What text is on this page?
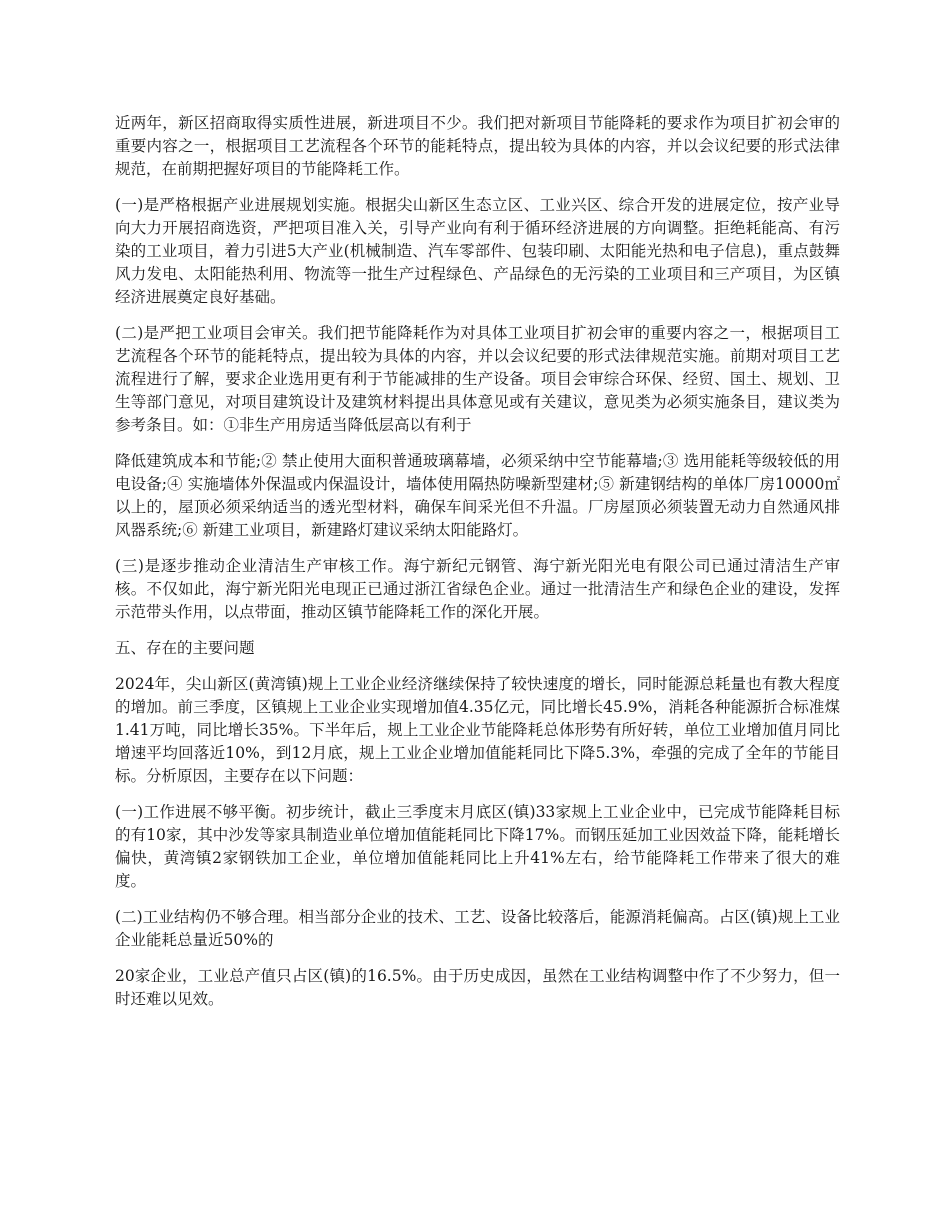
近两年，新区招商取得实质性进展，新进项目不少。我们把对新项目节能降耗的要求作为项目扩初会审的重要内容之一，根据项目工艺流程各个环节的能耗特点，提出较为具体的内容，并以会议纪要的形式法律规范，在前期把握好项目的节能降耗工作。

(一)是严格根据产业进展规划实施。根据尖山新区生态立区、工业兴区、综合开发的进展定位，按产业导向大力开展招商选资，严把项目准入关，引导产业向有利于循环经济进展的方向调整。拒绝耗能高、有污染的工业项目，着力引进5大产业(机械制造、汽车零部件、包装印刷、太阳能光热和电子信息)，重点鼓舞风力发电、太阳能热利用、物流等一批生产过程绿色、产品绿色的无污染的工业项目和三产项目，为区镇经济进展奠定良好基础。

(二)是严把工业项目会审关。我们把节能降耗作为对具体工业项目扩初会审的重要内容之一，根据项目工艺流程各个环节的能耗特点，提出较为具体的内容，并以会议纪要的形式法律规范实施。前期对项目工艺流程进行了解，要求企业选用更有利于节能减排的生产设备。项目会审综合环保、经贸、国土、规划、卫生等部门意见，对项目建筑设计及建筑材料提出具体意见或有关建议，意见类为必须实施条目，建议类为参考条目。如：①非生产用房适当降低层高以有利于

降低建筑成本和节能;② 禁止使用大面积普通玻璃幕墙，必须采纳中空节能幕墙;③ 选用能耗等级较低的用电设备;④ 实施墙体外保温或内保温设计，墙体使用隔热防噪新型建材;⑤ 新建钢结构的单体厂房10000㎡以上的，屋顶必须采纳适当的透光型材料，确保车间采光但不升温。厂房屋顶必须装置无动力自然通风排风器系统;⑥ 新建工业项目，新建路灯建议采纳太阳能路灯。

(三)是逐步推动企业清洁生产审核工作。海宁新纪元钢管、海宁新光阳光电有限公司已通过清洁生产审核。不仅如此，海宁新光阳光电现正已通过浙江省绿色企业。通过一批清洁生产和绿色企业的建设，发挥示范带头作用，以点带面，推动区镇节能降耗工作的深化开展。

五、存在的主要问题

2024年，尖山新区(黄湾镇)规上工业企业经济继续保持了较快速度的增长，同时能源总耗量也有教大程度的增加。前三季度，区镇规上工业企业实现增加值4.35亿元，同比增长45.9%，消耗各种能源折合标准煤1.41万吨，同比增长35%。下半年后，规上工业企业节能降耗总体形势有所好转，单位工业增加值月同比增速平均回落近10%，到12月底，规上工业企业增加值能耗同比下降5.3%，牵强的完成了全年的节能目标。分析原因，主要存在以下问题：

(一)工作进展不够平衡。初步统计，截止三季度末月底区(镇)33家规上工业企业中，已完成节能降耗目标的有10家，其中沙发等家具制造业单位增加值能耗同比下降17%。而钢压延加工业因效益下降，能耗增长偏快，黄湾镇2家钢铁加工企业，单位增加值能耗同比上升41%左右，给节能降耗工作带来了很大的难度。

(二)工业结构仍不够合理。相当部分企业的技术、工艺、设备比较落后，能源消耗偏高。占区(镇)规上工业企业能耗总量近50%的

20家企业，工业总产值只占区(镇)的16.5%。由于历史成因，虽然在工业结构调整中作了不少努力，但一时还难以见效。
